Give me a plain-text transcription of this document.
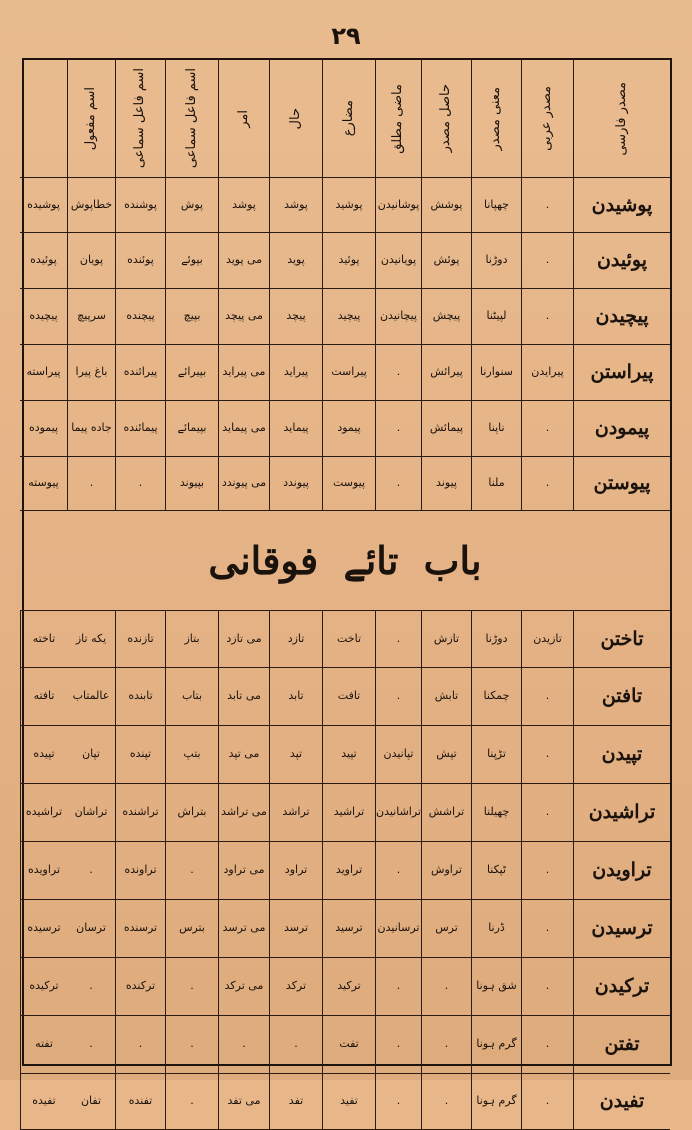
۲۹
مصدر فارسی
مصدر عربی
معنی مصدر
حاصل مصدر
ماضی مطلق
مضارع
حال
امر
اسم فاعل سماعی
اسم فاعل سماعی
اسم مفعول
پوشیدن
.
چھپانا
پوشش
پوشانیدن
پوشید
پوشد
پوشد
پوش
پوشنده
خطاپوش
پوشیده
پوئیدن
.
دوڑنا
پوئش
پویانیدن
پوئید
پوید
می پوید
بپوئے
پوئنده
پویان
پوئیده
پیچیدن
.
لپیٹنا
پیچش
پیچانیدن
پیچید
پیچد
می پیچد
بپیچ
پیچنده
سرپیچ
پیچیده
پیراستن
پیرایدن
سنوارنا
پیرائش
.
پیراست
پیراید
می پیراید
بپیرائے
پیرائنده
باغ پیرا
پیراسته
پیمودن
.
ناپنا
پیمائش
.
پیمود
پیماید
می پیماید
بپیمائے
پیمائنده
جاده پیما
پیموده
پیوستن
.
ملنا
پیوند
.
پیوست
پیوندد
می پیوندد
بپیوند
.
.
پیوسته
باب تائے فوقانی
تاختن
تازیدن
دوڑنا
تازش
.
تاخت
تازد
می تازد
بتاز
تازنده
یکه تاز
تاخته
تافتن
.
چمکنا
تابش
.
تافت
تابد
می تابد
بتاب
تابنده
عالمتاب
تافته
تپیدن
.
تڑپنا
تپش
تپانیدن
تپید
تپد
می تپد
بتپ
تپنده
تپان
تپیده
تراشیدن
.
چھیلنا
تراشش
تراشانیدن
تراشید
تراشد
می تراشد
بتراش
تراشنده
تراشان
تراشیده
تراویدن
.
ٹپکنا
تراوش
.
تراوید
تراود
می تراود
.
تراونده
.
تراویده
ترسیدن
.
ڈرنا
ترس
ترسانیدن
ترسید
ترسد
می ترسد
بترس
ترسنده
ترسان
ترسیده
ترکیدن
.
شق ہونا
.
.
ترکید
ترکد
می ترکد
.
ترکنده
.
ترکیده
تفتن
.
گرم ہونا
.
.
تفت
.
.
.
.
.
تفته
تفیدن
.
گرم ہونا
.
.
تفید
تفد
می تفد
.
تفنده
تفان
تفیده
